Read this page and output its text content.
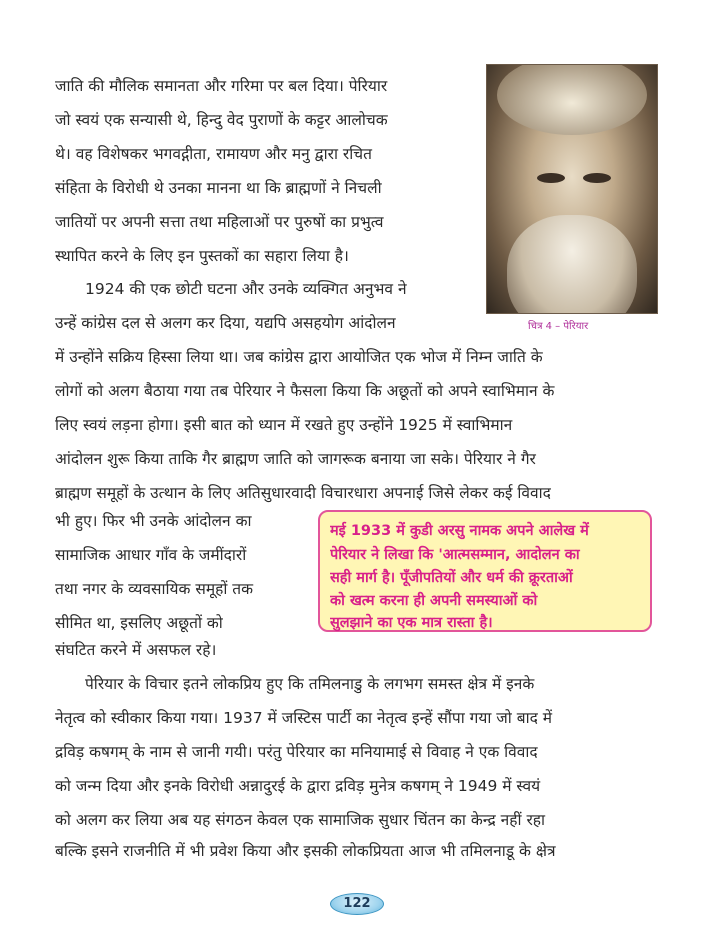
जाति की मौलिक समानता और गरिमा पर बल दिया। पेरियार
जो स्वयं एक सन्यासी थे, हिन्दु वेद पुराणों के कट्टर आलोचक
थे। वह विशेषकर भगवद्गीता, रामायण और मनु द्वारा रचित
संहिता के विरोधी थे उनका मानना था कि ब्राह्मणों ने निचली
जातियों पर अपनी सत्ता तथा महिलाओं पर पुरुषों का प्रभुत्व
स्थापित करने के लिए इन पुस्तकों का सहारा लिया है।
चित्र 4 – पेरियार
1924 की एक छोटी घटना और उनके व्यक्गित अनुभव ने
उन्हें कांग्रेस दल से अलग कर दिया, यद्यपि असहयोग आंदोलन
में उन्होंने सक्रिय हिस्सा लिया था। जब कांग्रेस द्वारा आयोजित एक भोज में निम्न जाति के
लोगों को अलग बैठाया गया तब पेरियार ने फैसला किया कि अछूतों को अपने स्वाभिमान के
लिए स्वयं लड़ना होगा। इसी बात को ध्यान में रखते हुए उन्होंने 1925 में स्वाभिमान
आंदोलन शुरू किया ताकि गैर ब्राह्मण जाति को जागरूक बनाया जा सके। पेरियार ने गैर
ब्राह्मण समूहों के उत्थान के लिए अतिसुधारवादी विचारधारा अपनाई जिसे लेकर कई विवाद
भी हुए। फिर भी उनके आंदोलन का
सामाजिक आधार गाँव के जमींदारों
तथा नगर के व्यवसायिक समूहों तक
सीमित था, इसलिए अछूतों को
संघटित करने में असफल रहे।
मई 1933 में कुडी अरसु नामक अपने आलेख में
पेरियार ने लिखा कि 'आत्मसम्मान, आदोलन का
सही मार्ग है। पूँजीपतियों और धर्म की क्रूरताओं
को खत्म करना ही अपनी समस्याओं को
सुलझाने का एक मात्र रास्ता है।
पेरियार के विचार इतने लोकप्रिय हुए कि तमिलनाडु के लगभग समस्त क्षेत्र में इनके
नेतृत्व को स्वीकार किया गया। 1937 में जस्टिस पार्टी का नेतृत्व इन्हें सौंपा गया जो बाद में
द्रविड़ कषगम् के नाम से जानी गयी। परंतु पेरियार का मनियामाई से विवाह ने एक विवाद
को जन्म दिया और इनके विरोधी अन्नादुरई के द्वारा द्रविड़ मुनेत्र कषगम् ने 1949 में स्वयं
को अलग कर लिया अब यह संगठन केवल एक सामाजिक सुधार चिंतन का केन्द्र नहीं रहा
बल्कि इसने राजनीति में भी प्रवेश किया और इसकी लोकप्रियता आज भी तमिलनाडू के क्षेत्र
122
